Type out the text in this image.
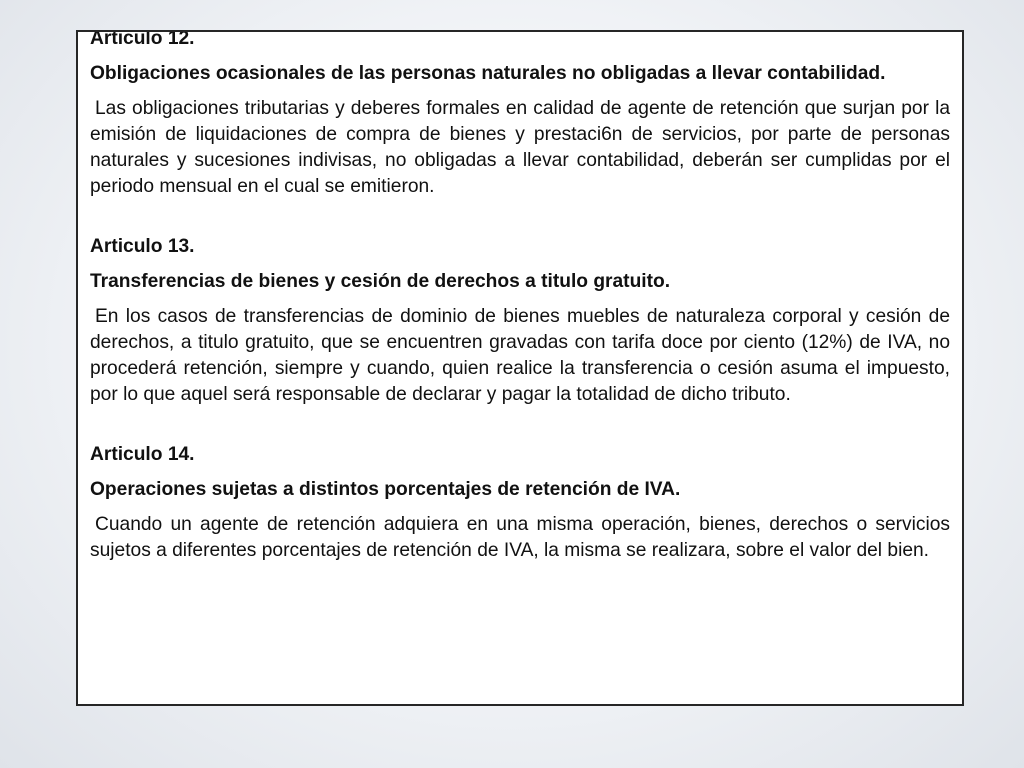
Articulo 12.

Obligaciones ocasionales de las personas naturales no obligadas a llevar contabilidad.

Las obligaciones tributarias y deberes formales en calidad de agente de retención que surjan por la emisión de liquidaciones de compra de bienes y prestaci6n de servicios, por parte de personas naturales y sucesiones indivisas, no obligadas a llevar contabilidad, deberán ser cumplidas por el periodo mensual en el cual se emitieron.

Articulo 13.

Transferencias de bienes y cesión de derechos a titulo gratuito.

En los casos de transferencias de dominio de bienes muebles de naturaleza corporal y cesión de derechos, a titulo gratuito, que se encuentren gravadas con tarifa doce por ciento (12%) de IVA, no procederá retención, siempre y cuando, quien realice la transferencia o cesión asuma el impuesto, por lo que aquel será responsable de declarar y pagar la totalidad de dicho tributo.

Articulo 14.

Operaciones sujetas a distintos porcentajes de retención de IVA.

Cuando un agente de retención adquiera en una misma operación, bienes, derechos o servicios sujetos a diferentes porcentajes de retención de IVA, la misma se realizara, sobre el valor del bien.
